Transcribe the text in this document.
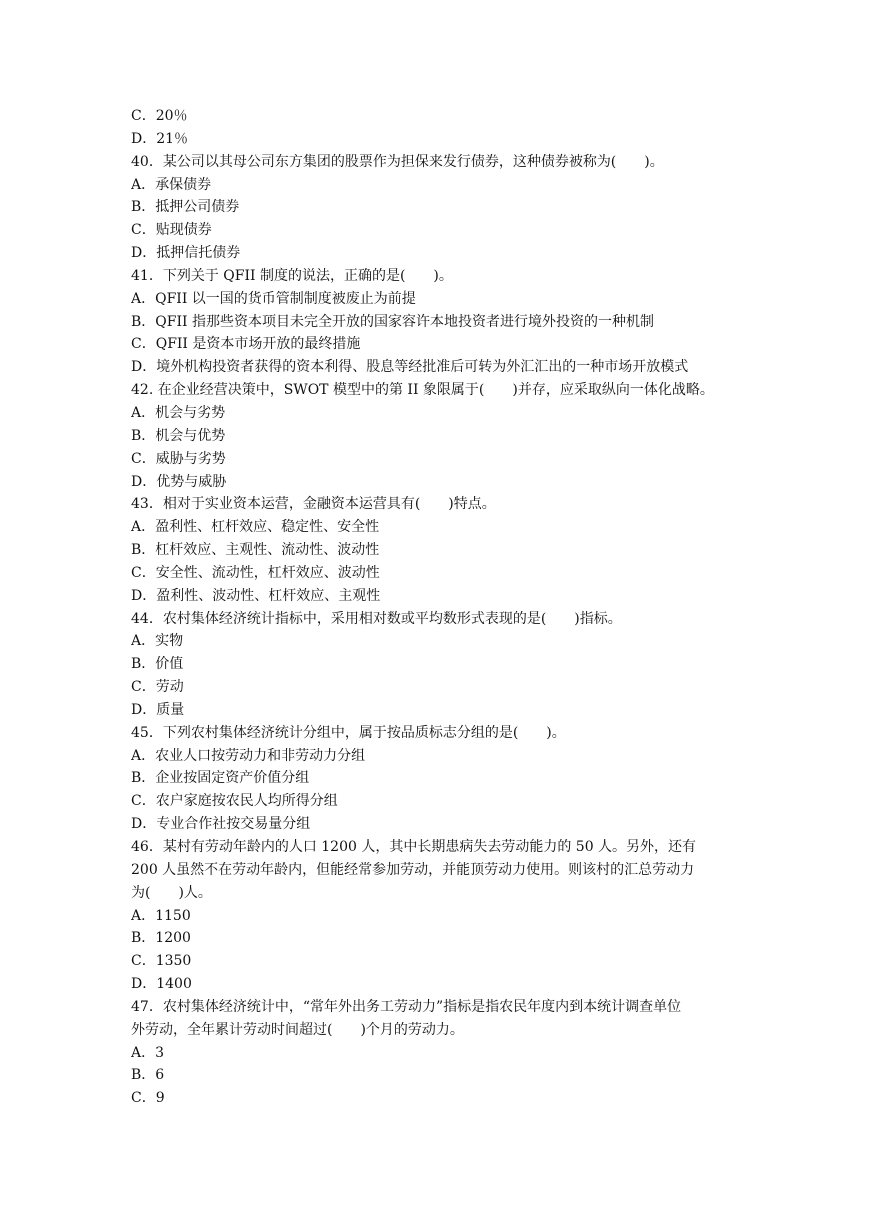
C．20％
D．21％
40．某公司以其母公司东方集团的股票作为担保来发行债券，这种债券被称为(　　)。
A．承保债券
B．抵押公司债券
C．贴现债券
D．抵押信托债券
41．下列关于 QFII 制度的说法，正确的是(　　)。
A．QFII 以一国的货币管制制度被废止为前提
B．QFII 指那些资本项目未完全开放的国家容许本地投资者进行境外投资的一种机制
C．QFII 是资本市场开放的最终措施
D．境外机构投资者获得的资本利得、股息等经批准后可转为外汇汇出的一种市场开放模式
42. 在企业经营决策中，SWOT 模型中的第 II 象限属于(　　)并存，应采取纵向一体化战略。
A．机会与劣势
B．机会与优势
C．威胁与劣势
D．优势与威胁
43．相对于实业资本运营，金融资本运营具有(　　)特点。
A．盈利性、杠杆效应、稳定性、安全性
B．杠杆效应、主观性、流动性、波动性
C．安全性、流动性，杠杆效应、波动性
D．盈利性、波动性、杠杆效应、主观性
44．农村集体经济统计指标中，采用相对数或平均数形式表现的是(　　)指标。
A．实物
B．价值
C．劳动
D．质量
45．下列农村集体经济统计分组中，属于按品质标志分组的是(　　)。
A．农业人口按劳动力和非劳动力分组
B．企业按固定资产价值分组
C．农户家庭按农民人均所得分组
D．专业合作社按交易量分组
46．某村有劳动年龄内的人口 1200 人，其中长期患病失去劳动能力的 50 人。另外，还有
200 人虽然不在劳动年龄内，但能经常参加劳动，并能顶劳动力使用。则该村的汇总劳动力
为(　　)人。
A．1150
B．1200
C．1350
D．1400
47．农村集体经济统计中，“常年外出务工劳动力”指标是指农民年度内到本统计调查单位
外劳动，全年累计劳动时间超过(　　)个月的劳动力。
A．3
B．6
C．9
